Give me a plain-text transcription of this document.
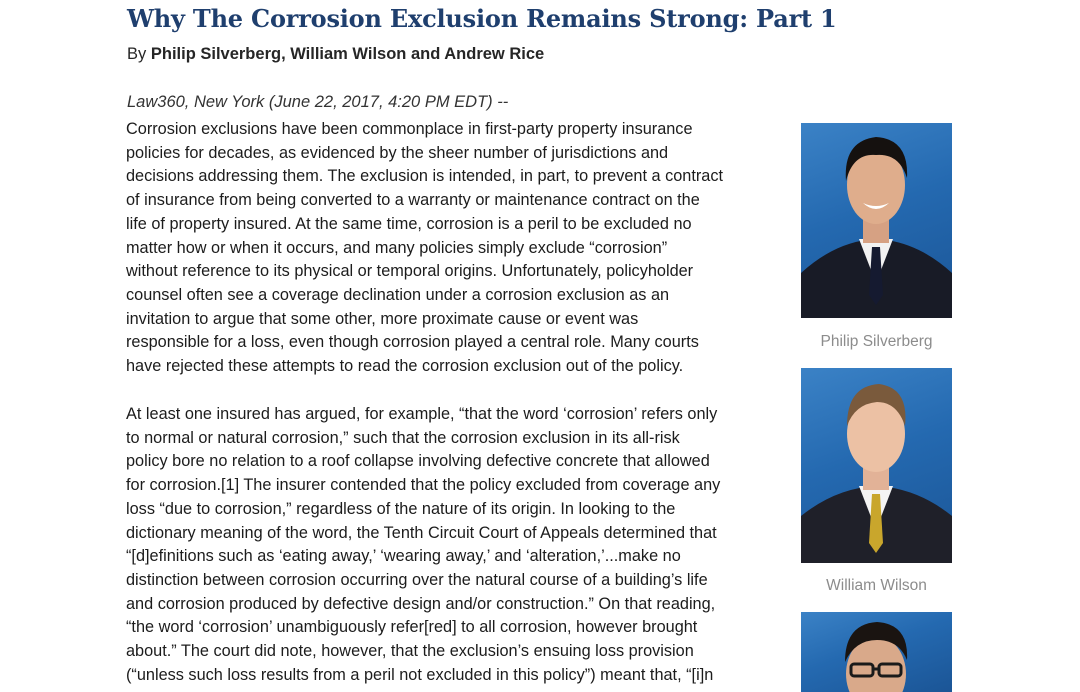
Why The Corrosion Exclusion Remains Strong: Part 1
By Philip Silverberg, William Wilson and Andrew Rice
Law360, New York (June 22, 2017, 4:20 PM EDT) --

Corrosion exclusions have been commonplace in first-party property insurance
policies for decades, as evidenced by the sheer number of jurisdictions and
decisions addressing them. The exclusion is intended, in part, to prevent a contract
of insurance from being converted to a warranty or maintenance contract on the
life of property insured. At the same time, corrosion is a peril to be excluded no
matter how or when it occurs, and many policies simply exclude “corrosion”
without reference to its physical or temporal origins. Unfortunately, policyholder
counsel often see a coverage declination under a corrosion exclusion as an
invitation to argue that some other, more proximate cause or event was
responsible for a loss, even though corrosion played a central role. Many courts
have rejected these attempts to read the corrosion exclusion out of the policy.

At least one insured has argued, for example, “that the word ‘corrosion’ refers only
to normal or natural corrosion,” such that the corrosion exclusion in its all-risk
policy bore no relation to a roof collapse involving defective concrete that allowed
for corrosion.[1] The insurer contended that the policy excluded from coverage any
loss “due to corrosion,” regardless of the nature of its origin. In looking to the
dictionary meaning of the word, the Tenth Circuit Court of Appeals determined that
“[d]efinitions such as ‘eating away,’ ‘wearing away,’ and ‘alteration,’...make no
distinction between corrosion occurring over the natural course of a building’s life
and corrosion produced by defective design and/or construction.” On that reading,
“the word ‘corrosion’ unambiguously refer[red] to all corrosion, however brought
about.” The court did note, however, that the exclusion’s ensuing loss provision
(“unless such loss results from a peril not excluded in this policy”) meant that, “[i]n

Philip Silverberg
William Wilson
